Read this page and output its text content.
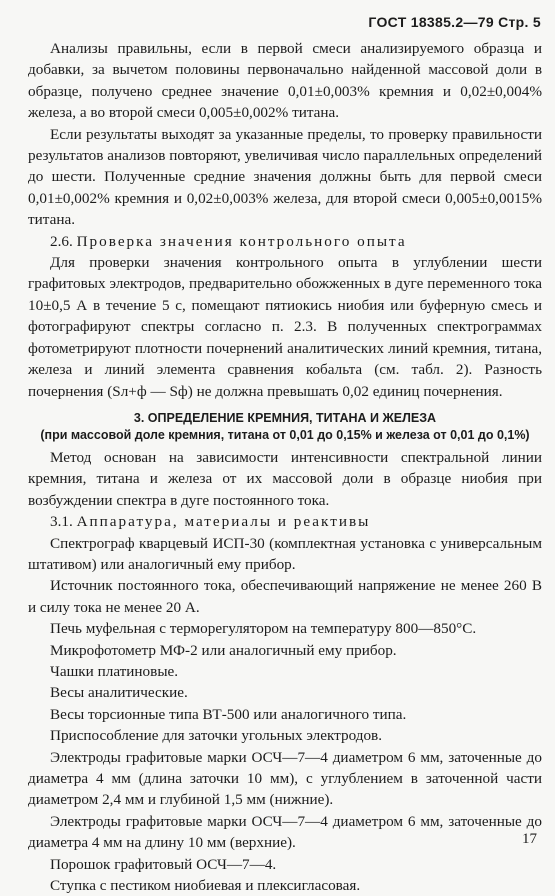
ГОСТ 18385.2—79 Стр. 5

Анализы правильны, если в первой смеси анализируемого образца и добавки, за вычетом половины первоначально найденной массовой доли в образце, получено среднее значение 0,01±0,003% кремния и 0,02±0,004% железа, а во второй смеси 0,005±0,002% титана.

Если результаты выходят за указанные пределы, то проверку правильности результатов анализов повторяют, увеличивая число параллельных определений до шести. Полученные средние значения должны быть для первой смеси 0,01±0,002% кремния и 0,02±0,003% железа, для второй смеси 0,005±0,0015% титана.

2.6. Проверка значения контрольного опыта

Для проверки значения контрольного опыта в углублении шести графитовых электродов, предварительно обожженных в дуге переменного тока 10±0,5 А в течение 5 с, помещают пятиокись ниобия или буферную смесь и фотографируют спектры согласно п. 2.3. В полученных спектрограммах фотометрируют плотности почернений аналитических линий кремния, титана, железа и линий элемента сравнения кобальта (см. табл. 2). Разность почернения (Sл+ф — Sф) не должна превышать 0,02 единиц почернения.

3. ОПРЕДЕЛЕНИЕ КРЕМНИЯ, ТИТАНА И ЖЕЛЕЗА
(при массовой доле кремния, титана от 0,01 до 0,15% и железа от 0,01 до 0,1%)

Метод основан на зависимости интенсивности спектральной линии кремния, титана и железа от их массовой доли в образце ниобия при возбуждении спектра в дуге постоянного тока.

3.1. Аппаратура, материалы и реактивы

Спектрограф кварцевый ИСП-30 (комплектная установка с универсальным штативом) или аналогичный ему прибор.

Источник постоянного тока, обеспечивающий напряжение не менее 260 В и силу тока не менее 20 А.

Печь муфельная с терморегулятором на температуру 800—850°С.

Микрофотометр МФ-2 или аналогичный ему прибор.

Чашки платиновые.

Весы аналитические.

Весы торсионные типа ВТ-500 или аналогичного типа.

Приспособление для заточки угольных электродов.

Электроды графитовые марки ОСЧ—7—4 диаметром 6 мм, заточенные до диаметра 4 мм (длина заточки 10 мм), с углублением в заточенной части диаметром 2,4 мм и глубиной 1,5 мм (нижние).

Электроды графитовые марки ОСЧ—7—4 диаметром 6 мм, заточенные до диаметра 4 мм на длину 10 мм (верхние).

Порошок графитовый ОСЧ—7—4.

Ступка с пестиком ниобиевая и плексигласовая.

17
